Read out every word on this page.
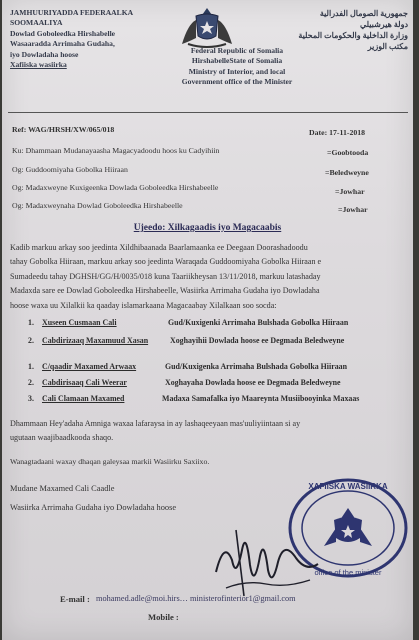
JAMHUURIYADDA FEDERAALKA SOOMAALIYA
Dowlad Goboleedka Hirshabelle
Wasaaradda Arrimaha Gudaha,
iyo Dowladaha hoose
Xafiiska wasiirka
Federal Republic of Somalia
HirshabelleState of Somalia
Ministry of Interior, and local
Government office of the Minister
جمهورية الصومال الفدرالية
دولة هيرشبيلي
وزارة الداخلية والحكومات المحلية
مكتب الوزير
Ref: WAG/HRSH/XW/065/018	Date: 17-11-2018
Ku: Dhammaan Mudanayaasha Magacyadoodu hoos ku Cadyihiin	=Goobtooda
Og: Guddoomiyaha Gobolka Hiiraan	=Beledweyne
Og: Madaxweyne Kuxigeenka Dowlada Goboleedka Hirshabeelle	=Jowhar
Og: Madaxweynaha Dowlad Goboleedka Hirshabeelle	=Jowhar
Ujeedo: Xilkagaadis iyo Magacaabis
Kadib markuu arkay soo jeedinta Xildhibaanada Baarlamaanka ee Deegaan Doorashadoodu
tahay Gobolka Hiiraan, markuu arkay soo jeedinta Waraqada Guddoomiyaha Gobolka Hiiraan e
Sumadeedu tahay DGHSH/GG/H/0035/018 kuna Taariikheysan 13/11/2018, markuu latashaday
Madaxda sare ee Dowlad Goboleedka Hirshabeelle, Wasiirka Arrimaha Gudaha iyo Dowladaha
hoose waxa uu Xilalkii ka qaaday islamarkaana Magacaabay Xilalkaan soo socda:
1. Xuseen Cusmaan Cali	Gud/Kuxigenki Arrimaha Bulshada Gobolka Hiiraan
2. Cabdirizaaq Maxamuud Xasan	Xoghayihii Dowlada hoose ee Degmada Beledweyne
1. C/qaadir Maxamed Arwaax	Gud/Kuxigenka Arrimaha Bulshada Gobolka Hiiraan
2. Cabdirisaaq Cali Weerar	Xoghayaha Dowlada hoose ee Degmada Beledweyne
3. Cali Clamaan Maxamed	Madaxa Samafalka iyo Maareynta Musiibooyinka Maxaas
Dhammaan Hey'adaha Amniga waxaa lafaraysa in ay lashaqeeyaan mas'uuliyiintaan si ay
ugutaan waajibaadkooda shaqo.
Wanagtadaani waxay dhaqan galeysaa markii Wasiirku Saxiixo.
Mudane Maxamed Cali Caadle
Wasiirka Arrimaha Gudaha iyo Dowladaha hoose
XAFIISKA WASIIRKA
office of the minister
E-mail : mohamed.adle@moi.hirs… ministerofinterior1@gmail.com
Mobile :
